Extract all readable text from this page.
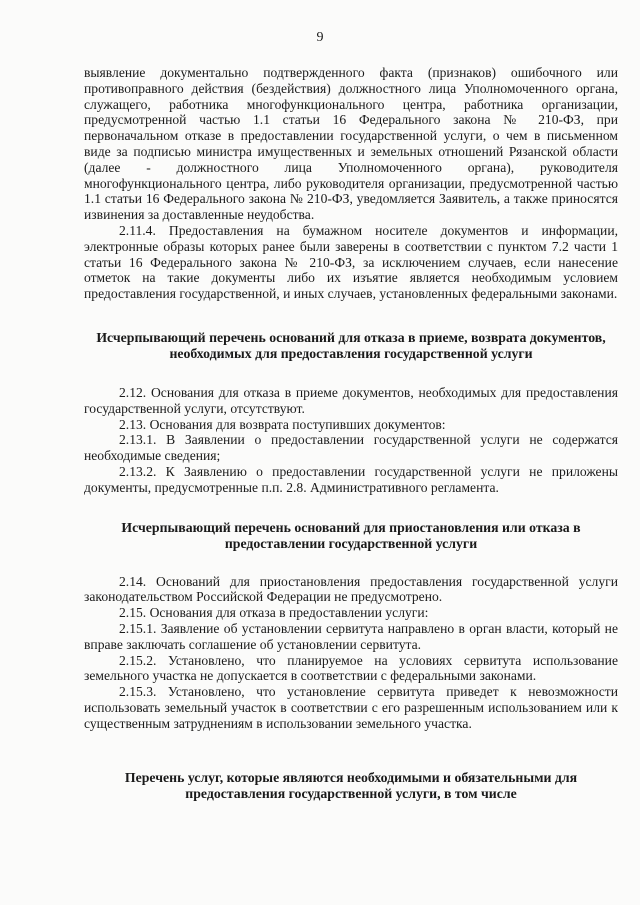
9

выявление документально подтвержденного факта (признаков) ошибочного или противоправного действия (бездействия) должностного лица Уполномоченного органа, служащего, работника многофункционального центра, работника организации, предусмотренной частью 1.1 статьи 16 Федерального закона № 210-ФЗ, при первоначальном отказе в предоставлении государственной услуги, о чем в письменном виде за подписью министра имущественных и земельных отношений Рязанской области (далее - должностного лица Уполномоченного органа), руководителя многофункционального центра, либо руководителя организации, предусмотренной частью 1.1 статьи 16 Федерального закона № 210-ФЗ, уведомляется Заявитель, а также приносятся извинения за доставленные неудобства.

2.11.4. Предоставления на бумажном носителе документов и информации, электронные образы которых ранее были заверены в соответствии с пунктом 7.2 части 1 статьи 16 Федерального закона № 210-ФЗ, за исключением случаев, если нанесение отметок на такие документы либо их изъятие является необходимым условием предоставления государственной, и иных случаев, установленных федеральными законами.

Исчерпывающий перечень оснований для отказа в приеме, возврата документов, необходимых для предоставления государственной услуги

2.12. Основания для отказа в приеме документов, необходимых для предоставления государственной услуги, отсутствуют.

2.13. Основания для возврата поступивших документов:

2.13.1. В Заявлении о предоставлении государственной услуги не содержатся необходимые сведения;

2.13.2. К Заявлению о предоставлении государственной услуги не приложены документы, предусмотренные п.п. 2.8. Административного регламента.

Исчерпывающий перечень оснований для приостановления или отказа в предоставлении государственной услуги

2.14. Оснований для приостановления предоставления государственной услуги законодательством Российской Федерации не предусмотрено.

2.15. Основания для отказа в предоставлении услуги:

2.15.1. Заявление об установлении сервитута направлено в орган власти, который не вправе заключать соглашение об установлении сервитута.

2.15.2. Установлено, что планируемое на условиях сервитута использование земельного участка не допускается в соответствии с федеральными законами.

2.15.3. Установлено, что установление сервитута приведет к невозможности использовать земельный участок в соответствии с его разрешенным использованием или к существенным затруднениям в использовании земельного участка.

Перечень услуг, которые являются необходимыми и обязательными для предоставления государственной услуги, в том числе
